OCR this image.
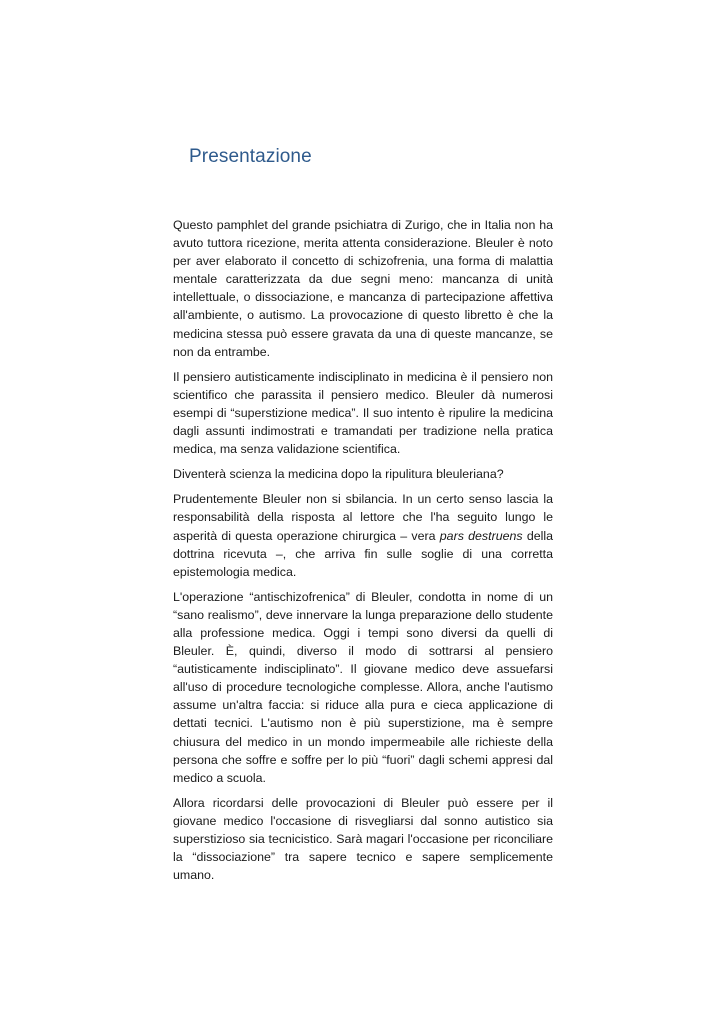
Presentazione

Questo pamphlet del grande psichiatra di Zurigo, che in Italia non ha avuto tuttora ricezione, merita attenta considerazione. Bleuler è noto per aver elaborato il concetto di schizofrenia, una forma di malattia mentale caratterizzata da due segni meno: mancanza di unità intellettuale, o dissociazione, e mancanza di partecipazione affettiva all'ambiente, o autismo. La provocazione di questo libretto è che la medicina stessa può essere gravata da una di queste mancanze, se non da entrambe.

Il pensiero autisticamente indisciplinato in medicina è il pensiero non scientifico che parassita il pensiero medico. Bleuler dà numerosi esempi di “superstizione medica”. Il suo intento è ripulire la medicina dagli assunti indimostrati e tramandati per tradizione nella pratica medica, ma senza validazione scientifica.

Diventerà scienza la medicina dopo la ripulitura bleuleriana?

Prudentemente Bleuler non si sbilancia. In un certo senso lascia la responsabilità della risposta al lettore che l'ha seguito lungo le asperità di questa operazione chirurgica – vera pars destruens della dottrina ricevuta –, che arriva fin sulle soglie di una corretta epistemologia medica.

L'operazione “antischizofrenica” di Bleuler, condotta in nome di un “sano realismo”, deve innervare la lunga preparazione dello studente alla professione medica. Oggi i tempi sono diversi da quelli di Bleuler. È, quindi, diverso il modo di sottrarsi al pensiero “autisticamente indisciplinato”. Il giovane medico deve assuefarsi all'uso di procedure tecnologiche complesse. Allora, anche l'autismo assume un'altra faccia: si riduce alla pura e cieca applicazione di dettati tecnici. L'autismo non è più superstizione, ma è sempre chiusura del medico in un mondo impermeabile alle richieste della persona che soffre e soffre per lo più “fuori” dagli schemi appresi dal medico a scuola.

Allora ricordarsi delle provocazioni di Bleuler può essere per il giovane medico l'occasione di risvegliarsi dal sonno autistico sia superstizioso sia tecnicistico. Sarà magari l'occasione per riconciliare la “dissociazione” tra sapere tecnico e sapere semplicemente umano.
